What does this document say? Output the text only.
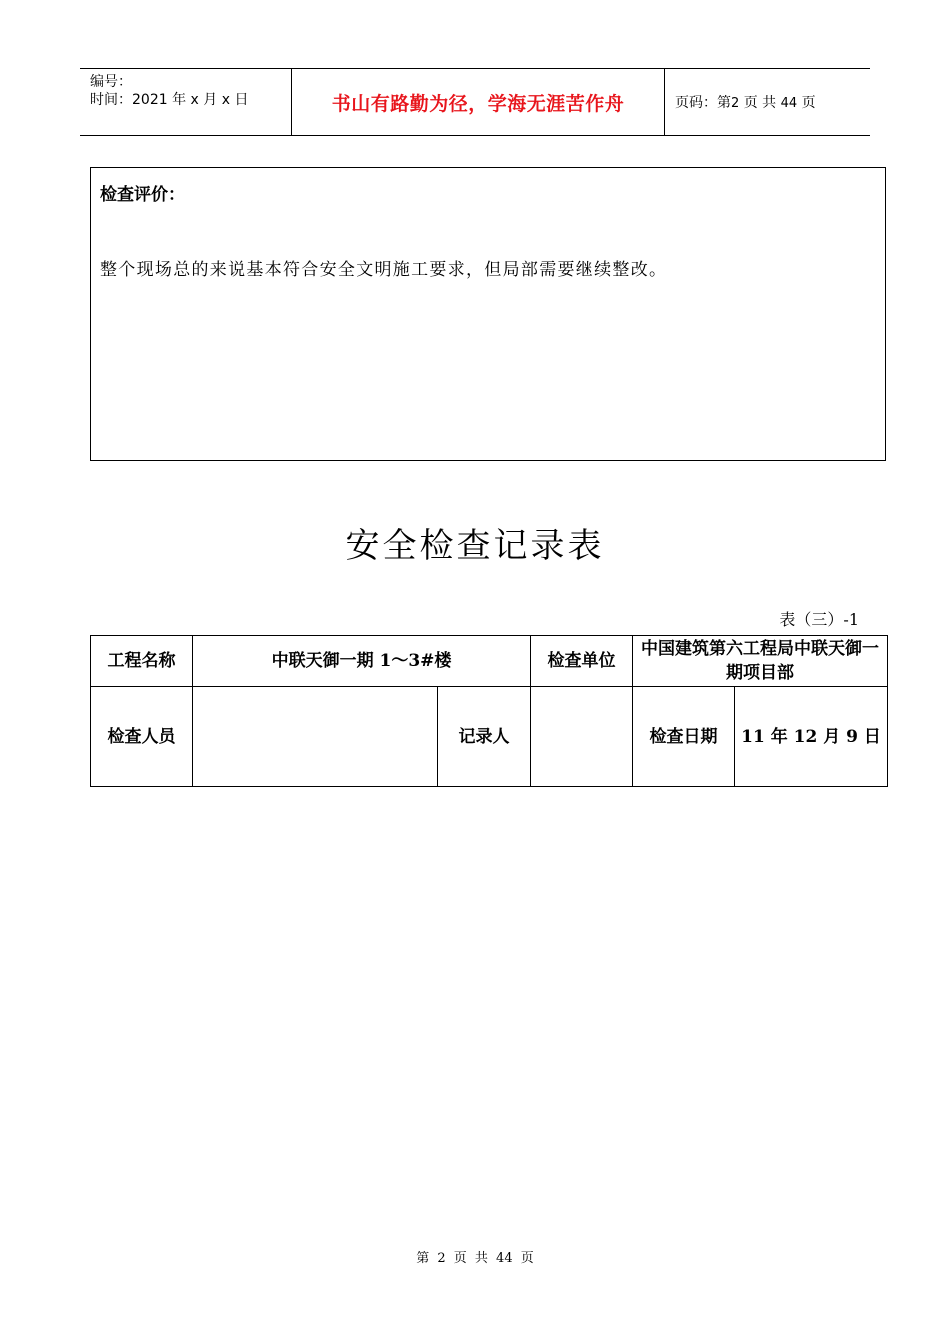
编号：
时间：2021 年 x 月 x 日	书山有路勤为径，学海无涯苦作舟	页码：第2 页 共 44 页
检查评价：
整个现场总的来说基本符合安全文明施工要求，但局部需要继续整改。
安全检查记录表
表（三）-1
工程名称	中联天御一期 1～3#楼		检查单位	中国建筑第六工程局中联天御一期项目部	
检查人员		记录人		检查日期	11 年 12 月 9 日
第 2 页 共 44 页
